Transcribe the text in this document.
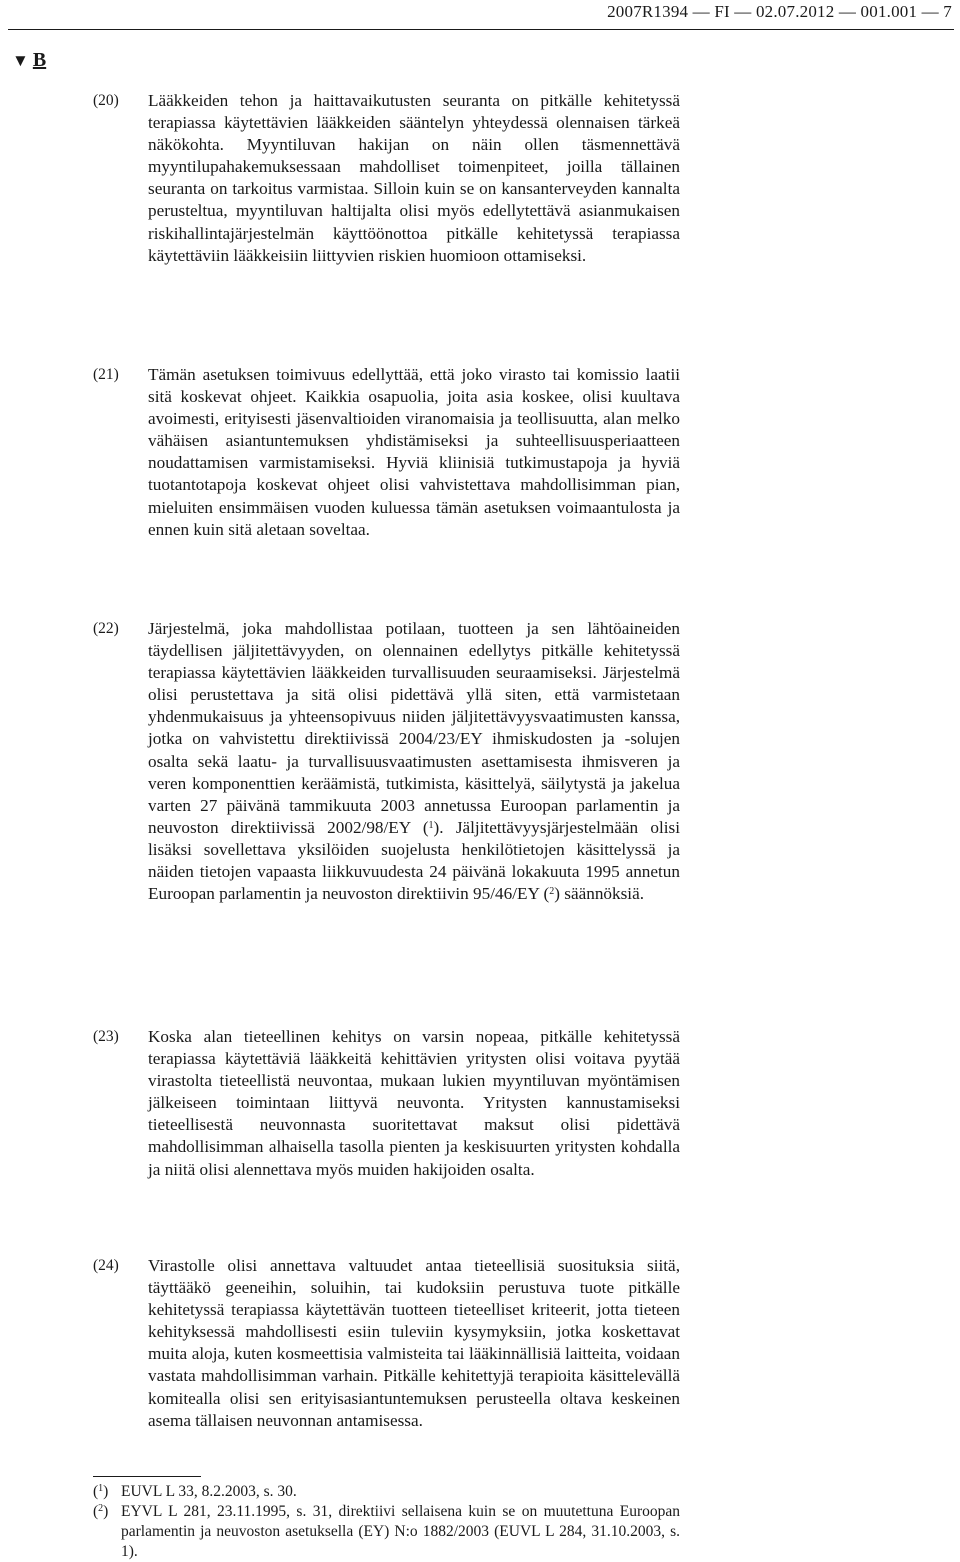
2007R1394 — FI — 02.07.2012 — 001.001 — 7
▼ B
(20) Lääkkeiden tehon ja haittavaikutusten seuranta on pitkälle kehitetyssä terapiassa käytettävien lääkkeiden sääntelyn yhteydessä olennaisen tärkeä näkökohta. Myyntiluvan hakijan on näin ollen täsmennettävä myyntilupahakemuksessaan mahdolliset toimenpiteet, joilla tällainen seuranta on tarkoitus varmistaa. Silloin kuin se on kansanterveyden kannalta perusteltua, myyntiluvan haltijalta olisi myös edellytettävä asianmukaisen riskihallintajärjestelmän käyttöönottoa pitkälle kehitetyssä terapiassa käytettäviin lääkkeisiin liittyvien riskien huomioon ottamiseksi.
(21) Tämän asetuksen toimivuus edellyttää, että joko virasto tai komissio laatii sitä koskevat ohjeet. Kaikkia osapuolia, joita asia koskee, olisi kuultava avoimesti, erityisesti jäsenvaltioiden viranomaisia ja teollisuutta, alan melko vähäisen asiantuntemuksen yhdistämiseksi ja suhteellisuusperiaatteen noudattamisen varmistamiseksi. Hyviä kliinisiä tutkimustapoja ja hyviä tuotantotapoja koskevat ohjeet olisi vahvistettava mahdollisimman pian, mieluiten ensimmäisen vuoden kuluessa tämän asetuksen voimaantulosta ja ennen kuin sitä aletaan soveltaa.
(22) Järjestelmä, joka mahdollistaa potilaan, tuotteen ja sen lähtöaineiden täydellisen jäljitettävyyden, on olennainen edellytys pitkälle kehitetyssä terapiassa käytettävien lääkkeiden turvallisuuden seuraamiseksi. Järjestelmä olisi perustettava ja sitä olisi pidettävä yllä siten, että varmistetaan yhdenmukaisuus ja yhteensopivuus niiden jäljitettävyysvaatimusten kanssa, jotka on vahvistettu direktiivissä 2004/23/EY ihmiskudosten ja -solujen osalta sekä laatu- ja turvallisuusvaatimusten asettamisesta ihmisveren ja veren komponenttien keräämistä, tutkimista, käsittelyä, säilytystä ja jakelua varten 27 päivänä tammikuuta 2003 annetussa Euroopan parlamentin ja neuvoston direktiivissä 2002/98/EY ($^1$). Jäljitettävyysjärjestelmään olisi lisäksi sovellettava yksilöiden suojelusta henkilötietojen käsittelyssä ja näiden tietojen vapaasta liikkuvuudesta 24 päivänä lokakuuta 1995 annetun Euroopan parlamentin ja neuvoston direktiivin 95/46/EY ($^2$) säännöksiä.
(23) Koska alan tieteellinen kehitys on varsin nopeaa, pitkälle kehitetyssä terapiassa käytettäviä lääkkeitä kehittävien yritysten olisi voitava pyytää virastolta tieteellistä neuvontaa, mukaan lukien myyntiluvan myöntämisen jälkeiseen toimintaan liittyvä neuvonta. Yritysten kannustamiseksi tieteellisestä neuvonnasta suoritettavat maksut olisi pidettävä mahdollisimman alhaisella tasolla pienten ja keskisuurten yritysten kohdalla ja niitä olisi alennettava myös muiden hakijoiden osalta.
(24) Virastolle olisi annettava valtuudet antaa tieteellisiä suosituksia siitä, täyttääkö geeneihin, soluihin, tai kudoksiin perustuva tuote pitkälle kehitetyssä terapiassa käytettävän tuotteen tieteelliset kriteerit, jotta tieteen kehityksessä mahdollisesti esiin tuleviin kysymyksiin, jotka koskettavat muita aloja, kuten kosmeettisia valmisteita tai lääkinnällisiä laitteita, voidaan vastata mahdollisimman varhain. Pitkälle kehitettyjä terapioita käsittelevällä komitealla olisi sen erityisasiantuntemuksen perusteella oltava keskeinen asema tällaisen neuvonnan antamisessa.
($^1$) EUVL L 33, 8.2.2003, s. 30.
($^2$) EYVL L 281, 23.11.1995, s. 31, direktiivi sellaisena kuin se on muutettuna Euroopan parlamentin ja neuvoston asetuksella (EY) N:o 1882/2003 (EUVL L 284, 31.10.2003, s. 1).
